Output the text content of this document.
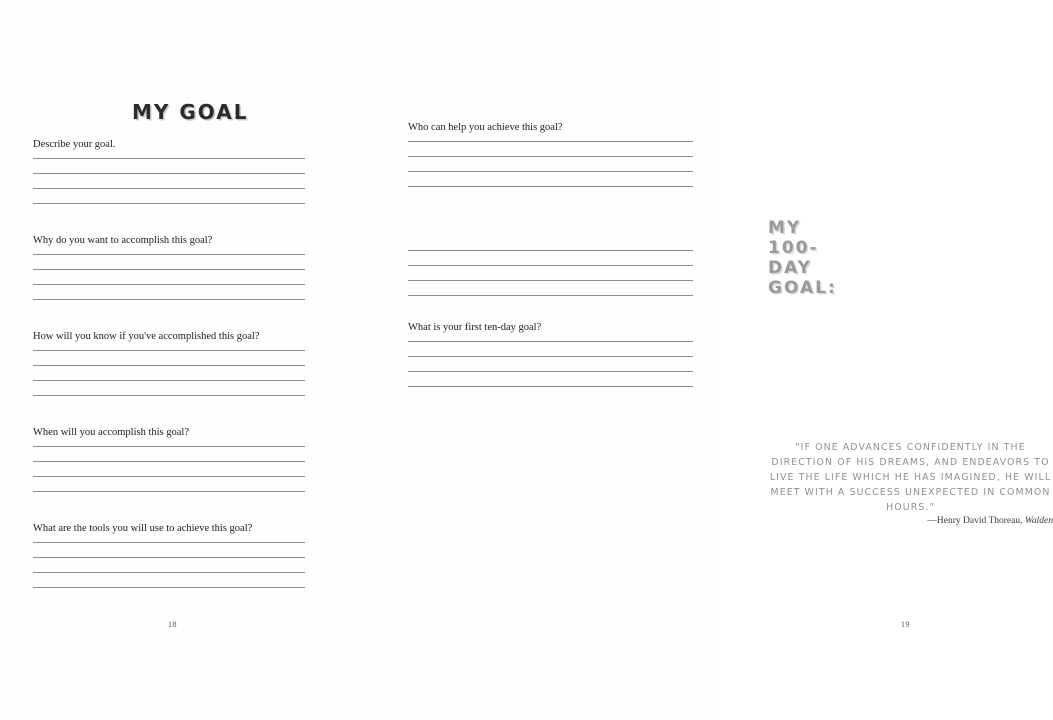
MY GOAL

Describe your goal.

Why do you want to accomplish this goal?

How will you know if you've accomplished this goal?

When will you accomplish this goal?

What are the tools you will use to achieve this goal?

18

Who can help you achieve this goal?

MY 100-DAY GOAL:

What is your first ten-day goal?

"IF ONE ADVANCES CONFIDENTLY IN THE DIRECTION OF HIS DREAMS, AND ENDEAVORS TO LIVE THE LIFE WHICH HE HAS IMAGINED, HE WILL MEET WITH A SUCCESS UNEXPECTED IN COMMON HOURS."
—Henry David Thoreau, Walden
19
